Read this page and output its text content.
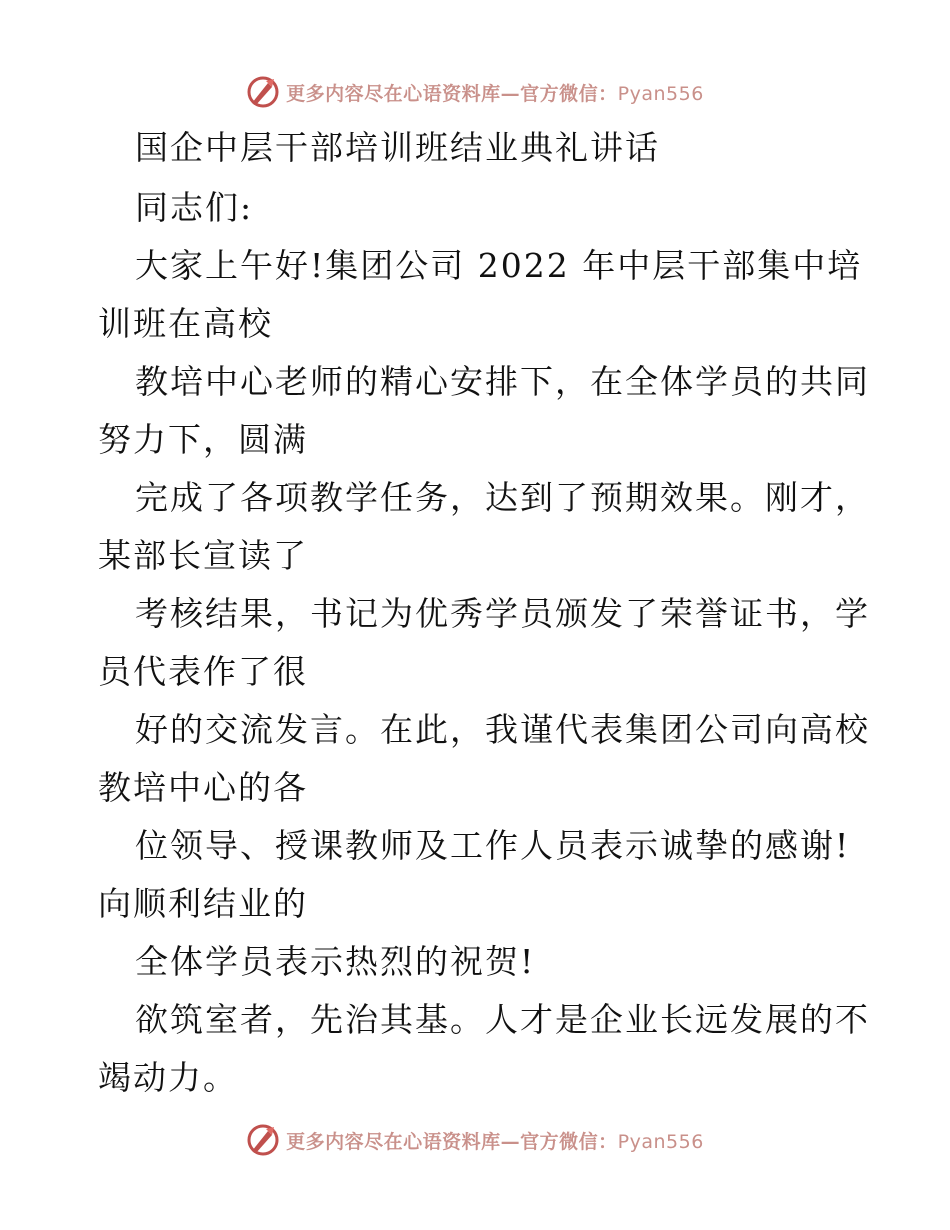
更多内容尽在心语资料库—官方微信：Pyan556
国企中层干部培训班结业典礼讲话
同志们:
大家上午好!集团公司 2022 年中层干部集中培
训班在高校
教培中心老师的精心安排下，在全体学员的共同
努力下，圆满
完成了各项教学任务，达到了预期效果。刚才，
某部长宣读了
考核结果，书记为优秀学员颁发了荣誉证书，学
员代表作了很
好的交流发言。在此，我谨代表集团公司向高校
教培中心的各
位领导、授课教师及工作人员表示诚挚的感谢!
向顺利结业的
全体学员表示热烈的祝贺!
欲筑室者，先治其基。人才是企业长远发展的不
竭动力。
更多内容尽在心语资料库—官方微信：Pyan556
